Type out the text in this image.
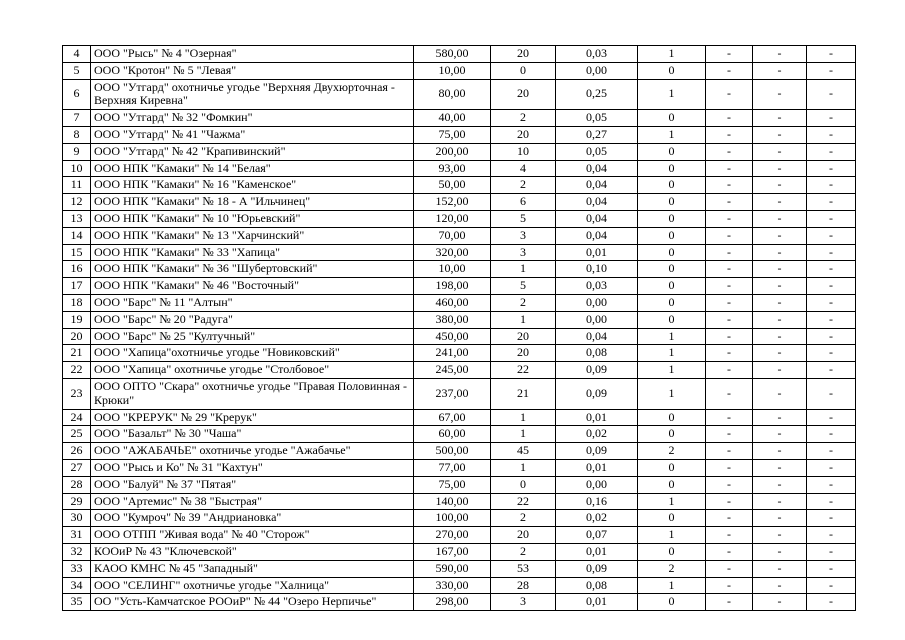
4	ООО "Рысь" № 4 "Озерная"	580,00	20	0,03	1	-	-	-
5	ООО "Кротон" № 5 "Левая"	10,00	0	0,00	0	-	-	-
6	ООО "Утгард" охотничье угодье "Верхняя Двухюрточная - Верхняя Киревна"	80,00	20	0,25	1	-	-	-
7	ООО "Утгард" № 32 "Фомкин"	40,00	2	0,05	0	-	-	-
8	ООО "Утгард" № 41 "Чажма"	75,00	20	0,27	1	-	-	-
9	ООО "Утгард" № 42 "Крапивинский"	200,00	10	0,05	0	-	-	-
10	ООО НПК "Камаки" № 14 "Белая"	93,00	4	0,04	0	-	-	-
11	ООО НПК "Камаки" № 16 "Каменское"	50,00	2	0,04	0	-	-	-
12	ООО НПК "Камаки" № 18 - А "Ильчинец"	152,00	6	0,04	0	-	-	-
13	ООО НПК "Камаки" № 10 "Юрьевский"	120,00	5	0,04	0	-	-	-
14	ООО НПК "Камаки" № 13 "Харчинский"	70,00	3	0,04	0	-	-	-
15	ООО НПК "Камаки" № 33 "Хапица"	320,00	3	0,01	0	-	-	-
16	ООО НПК "Камаки" № 36 "Шубертовский"	10,00	1	0,10	0	-	-	-
17	ООО НПК "Камаки" № 46 "Восточный"	198,00	5	0,03	0	-	-	-
18	ООО "Барс" № 11 "Алтын"	460,00	2	0,00	0	-	-	-
19	ООО "Барс" № 20 "Радуга"	380,00	1	0,00	0	-	-	-
20	ООО "Барс" № 25 "Култучный"	450,00	20	0,04	1	-	-	-
21	ООО "Хапица"охотничье угодье "Новиковский"	241,00	20	0,08	1	-	-	-
22	ООО "Хапица" охотничье угодье "Столбовое"	245,00	22	0,09	1	-	-	-
23	ООО ОПТО "Скара" охотничье угодье "Правая Половинная - Крюки"	237,00	21	0,09	1	-	-	-
24	ООО "КРЕРУК" № 29 "Крерук"	67,00	1	0,01	0	-	-	-
25	ООО "Базальт" № 30 "Чаша"	60,00	1	0,02	0	-	-	-
26	ООО "АЖАБАЧЬЕ" охотничье угодье "Ажабачье"	500,00	45	0,09	2	-	-	-
27	ООО "Рысь и Ко" № 31 "Кахтун"	77,00	1	0,01	0	-	-	-
28	ООО "Балуй" № 37 "Пятая"	75,00	0	0,00	0	-	-	-
29	ООО "Артемис" № 38 "Быстрая"	140,00	22	0,16	1	-	-	-
30	ООО "Кумроч" № 39 "Андриановка"	100,00	2	0,02	0	-	-	-
31	ООО ОТПП "Живая вода" № 40 "Сторож"	270,00	20	0,07	1	-	-	-
32	КООиР № 43 "Ключевской"	167,00	2	0,01	0	-	-	-
33	КАОО КМНС № 45 "Западный"	590,00	53	0,09	2	-	-	-
34	ООО "СЕЛИНГ" охотничье угодье "Халница"	330,00	28	0,08	1	-	-	-
35	ОО "Усть-Камчатское РООиР" № 44 "Озеро Нерпичье"	298,00	3	0,01	0	-	-	-
